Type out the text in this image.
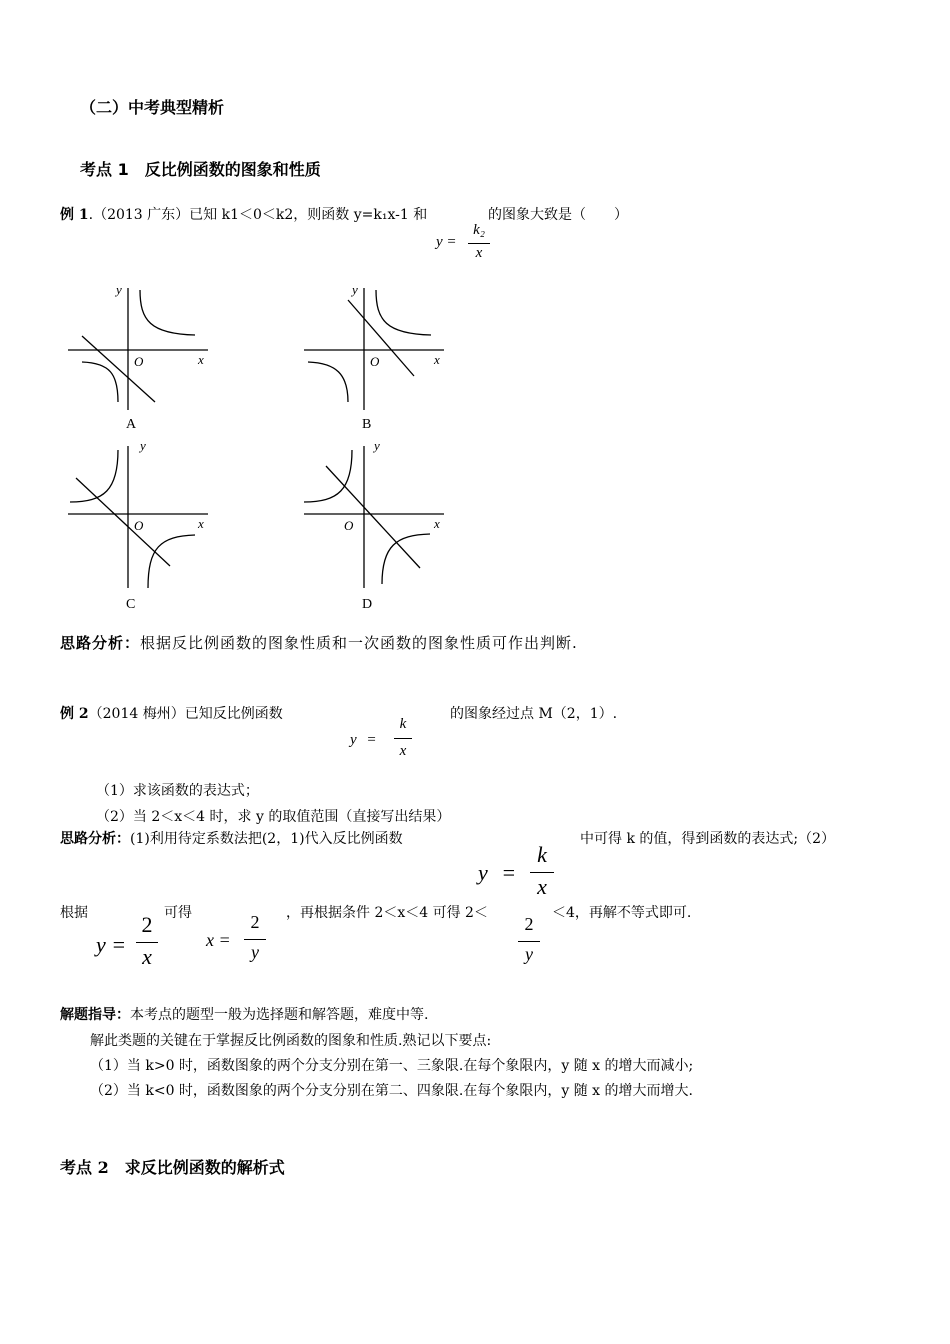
（二）中考典型精析
考点 1　反比例函数的图象和性质
例 1.（2013 广东）已知 k1＜0＜k2，则函数 y=k₁x-1 和	的图象大致是（　　）
y =
k₂
x
y
x
O
A
y
x
O
B
y
x
O
C
y
x
O
D
思路分析：根据反比例函数的图象性质和一次函数的图象性质可作出判断.
例 2（2014 梅州）已知反比例函数	的图象经过点 M（2，1）.
y =
k
x
（1）求该函数的表达式；
（2）当 2＜x＜4 时，求 y 的取值范围（直接写出结果）
思路分析：(1)利用待定系数法把(2，1)代入反比例函数	中可得 k 的值，得到函数的表达式;（2）
y =
k
x
根据	可得	，再根据条件 2＜x＜4 可得 2＜	＜4，再解不等式即可.
y =
2
x
x =
2
y
2
y
解题指导：本考点的题型一般为选择题和解答题，难度中等.
解此类题的关键在于掌握反比例函数的图象和性质.熟记以下要点:
（1）当 k>0 时，函数图象的两个分支分别在第一、三象限.在每个象限内，y 随 x 的增大而减小;
（2）当 k<0 时，函数图象的两个分支分别在第二、四象限.在每个象限内，y 随 x 的增大而增大.
考点 2　求反比例函数的解析式
